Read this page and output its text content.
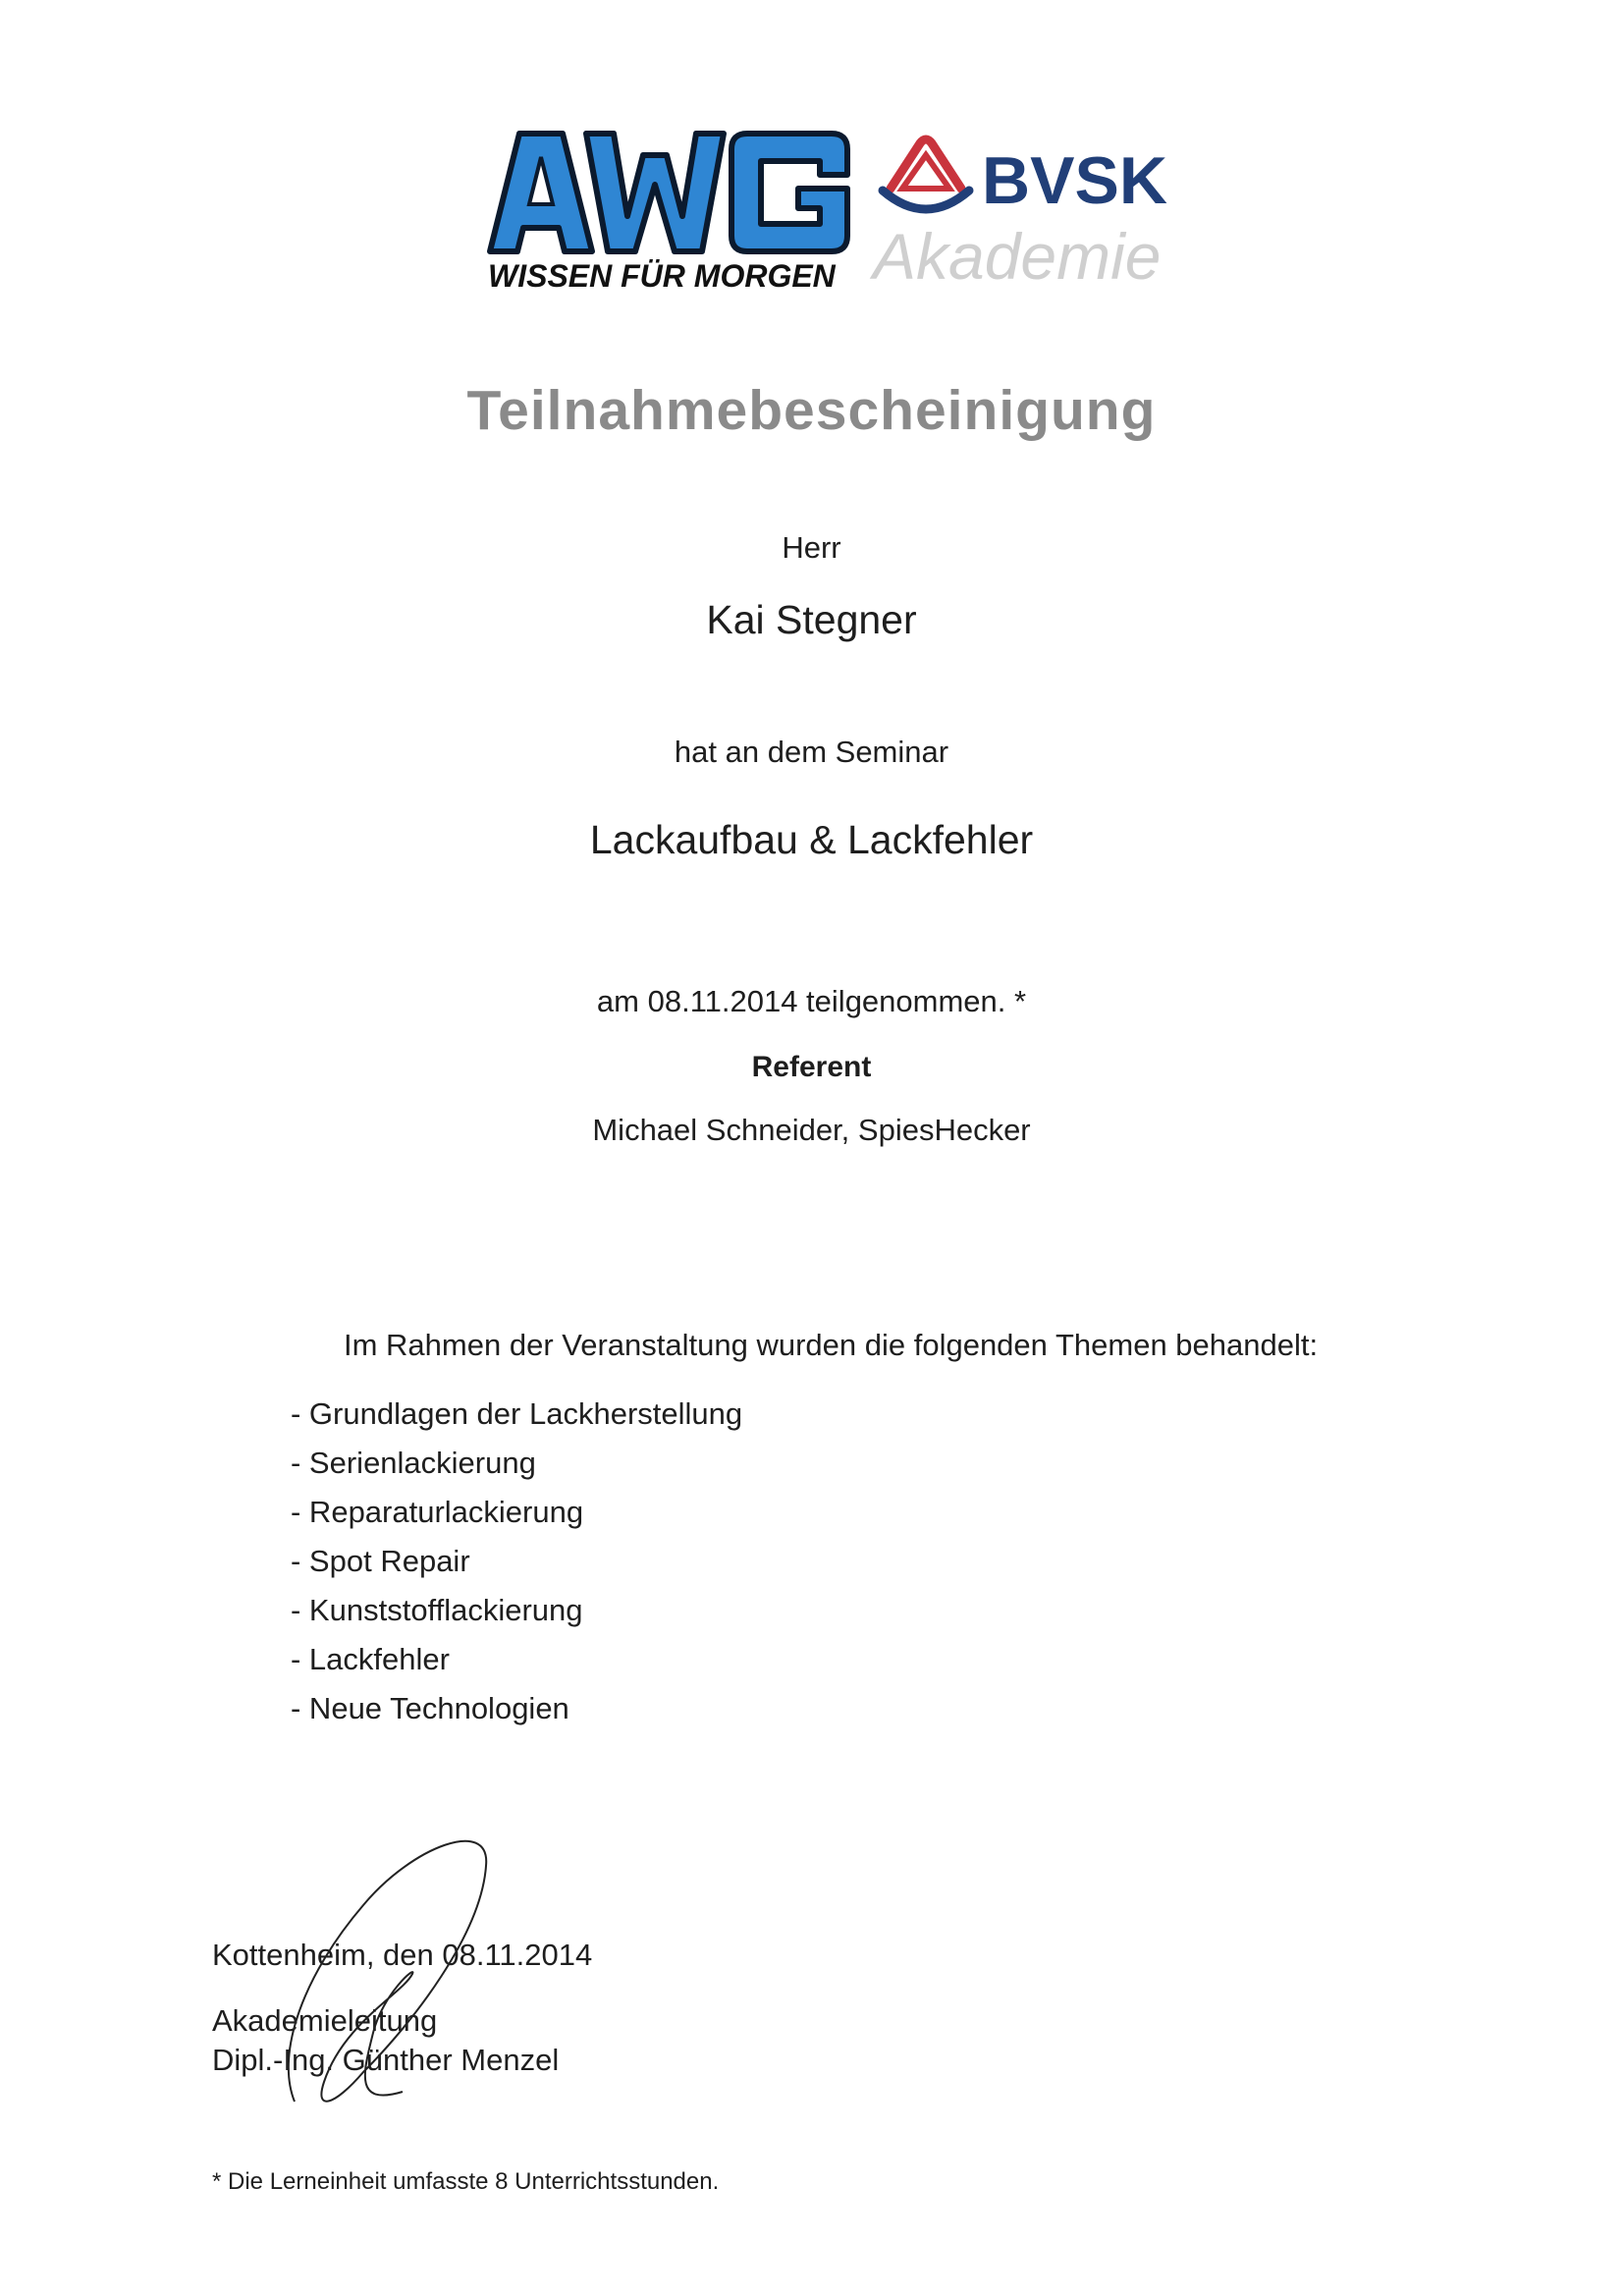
WISSEN FÜR MORGEN
BVSK
Akademie
Teilnahmebescheinigung
Herr
Kai Stegner
hat an dem Seminar
Lackaufbau & Lackfehler
am 08.11.2014 teilgenommen. *
Referent
Michael Schneider, SpiesHecker
Im Rahmen der Veranstaltung wurden die folgenden Themen behandelt:
- Grundlagen der Lackherstellung
- Serienlackierung
- Reparaturlackierung
- Spot Repair
- Kunststofflackierung
- Lackfehler
- Neue Technologien
Kottenheim, den 08.11.2014
Akademieleitung
Dipl.-Ing. Günther Menzel
* Die Lerneinheit umfasste 8 Unterrichtsstunden.
